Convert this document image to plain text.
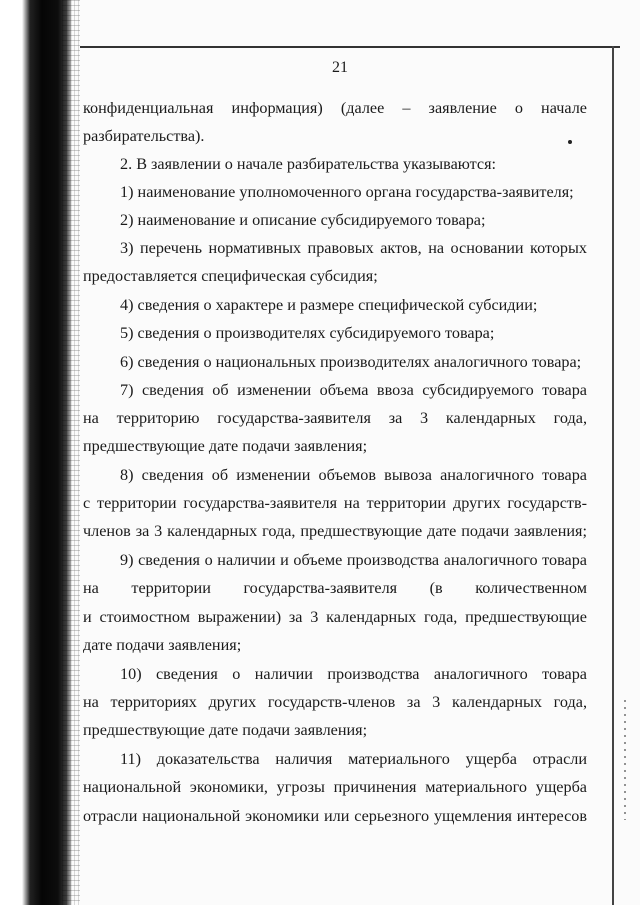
21
конфиденциальная информация) (далее – заявление о начале
разбирательства).
2. В заявлении о начале разбирательства указываются:
1) наименование уполномоченного органа государства-заявителя;
2) наименование и описание субсидируемого товара;
3) перечень нормативных правовых актов, на основании которых
предоставляется специфическая субсидия;
4) сведения о характере и размере специфической субсидии;
5) сведения о производителях субсидируемого товара;
6) сведения о национальных производителях аналогичного товара;
7) сведения об изменении объема ввоза субсидируемого товара
на территорию государства-заявителя за 3 календарных года,
предшествующие дате подачи заявления;
8) сведения об изменении объемов вывоза аналогичного товара
с территории государства-заявителя на территории других государств-
членов за 3 календарных года, предшествующие дате подачи заявления;
9) сведения о наличии и объеме производства аналогичного товара
на территории государства-заявителя (в количественном
и стоимостном выражении) за 3 календарных года, предшествующие
дате подачи заявления;
10) сведения о наличии производства аналогичного товара
на территориях других государств-членов за 3 календарных года,
предшествующие дате подачи заявления;
11) доказательства наличия материального ущерба отрасли
национальной экономики, угрозы причинения материального ущерба
отрасли национальной экономики или серьезного ущемления интересов
